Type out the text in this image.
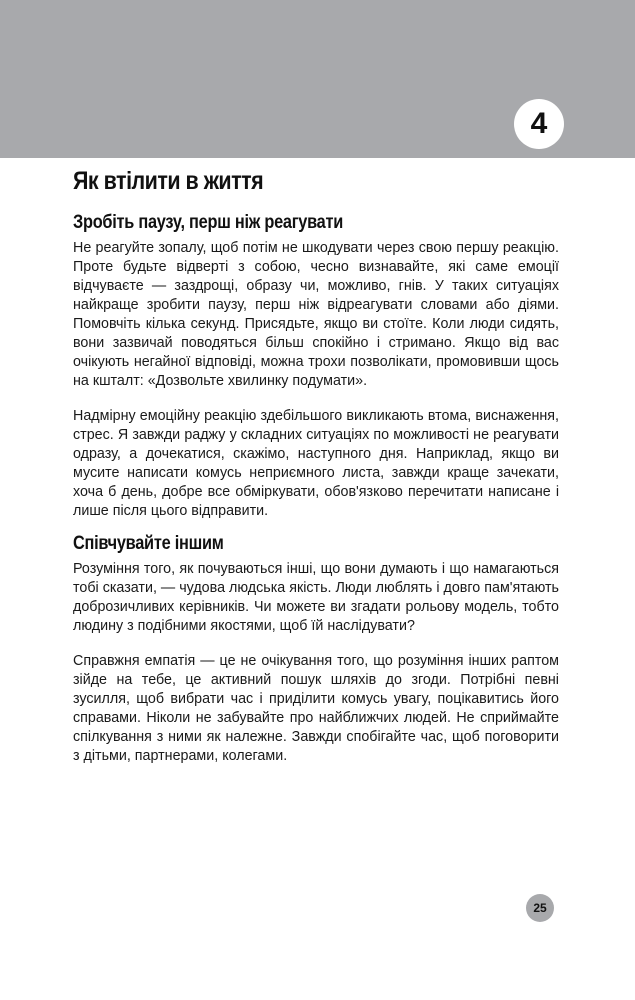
4
Як втілити в життя
Зробіть паузу, перш ніж реагувати

Не реагуйте зопалу, щоб потім не шкодувати через свою першу реакцію. Проте будьте відверті з собою, чесно визнавайте, які саме емоції відчуваєте — заздрощі, образу чи, можливо, гнів. У таких ситуаціях найкраще зробити паузу, перш ніж відреагувати словами або діями. Помовчіть кілька секунд. Присядьте, якщо ви стоїте. Коли люди сидять, вони зазвичай поводяться більш спокійно і стримано. Якщо від вас очікують негайної відповіді, можна трохи позволікати, промовивши щось на кшталт: «Дозвольте хвилинку подумати».

Надмірну емоційну реакцію здебільшого викликають втома, виснаження, стрес. Я завжди раджу у складних ситуаціях по можливості не реагувати одразу, а дочекатися, скажімо, наступного дня. Наприклад, якщо ви мусите написати комусь неприємного листа, завжди краще зачекати, хоча б день, добре все обміркувати, обов'язково перечитати написане і лише після цього відправити.

Співчувайте іншим

Розуміння того, як почуваються інші, що вони думають і що намагаються тобі сказати, — чудова людська якість. Люди люблять і довго пам'ятають доброзичливих керівників. Чи можете ви згадати рольову модель, тобто людину з подібними якостями, щоб їй наслідувати?

Справжня емпатія — це не очікування того, що розуміння інших раптом зійде на тебе, це активний пошук шляхів до згоди. Потрібні певні зусилля, щоб вибрати час і приділити комусь увагу, поцікавитись його справами. Ніколи не забувайте про найближчих людей. Не сприймайте спілкування з ними як належне. Завжди спобігайте час, щоб поговорити з дітьми, партнерами, колегами.

25
